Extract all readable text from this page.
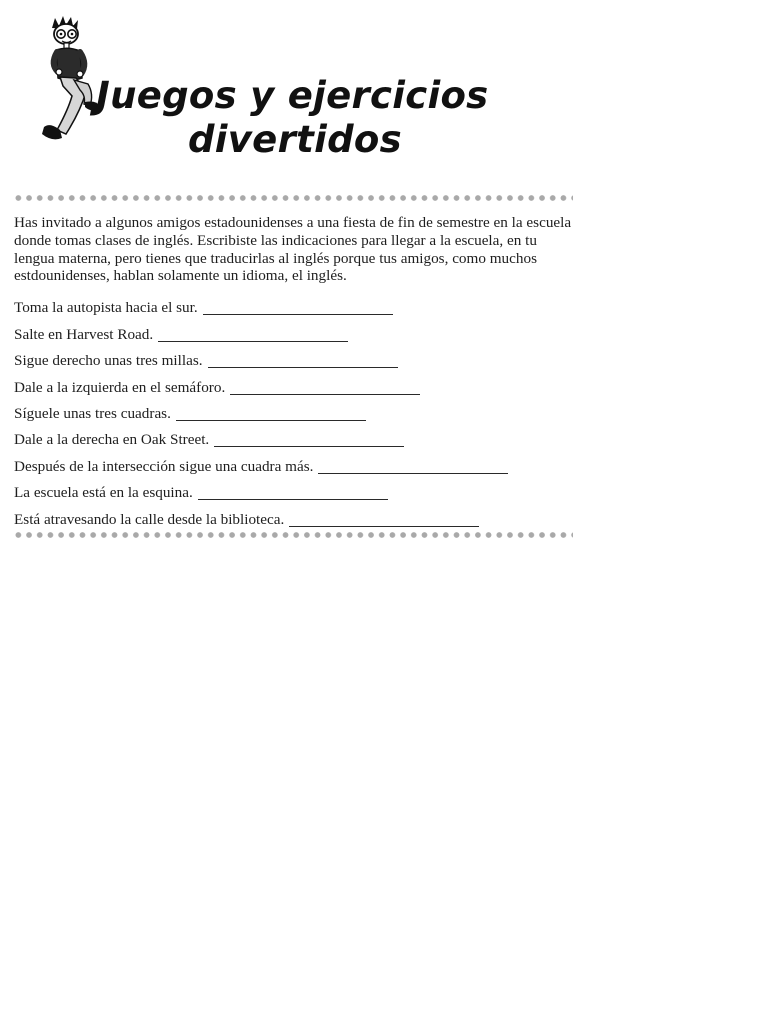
Juegos y ejercicios
divertidos

Has invitado a algunos amigos estadounidenses a una fiesta de fin de semestre en la escuela donde tomas clases de inglés. Escribiste las indicaciones para llegar a la escuela, en tu lengua materna, pero tienes que traducirlas al inglés porque tus amigos, como muchos estdounidenses, hablan solamente un idioma, el inglés.

Toma la autopista hacia el sur.
Salte en Harvest Road.
Sigue derecho unas tres millas.
Dale a la izquierda en el semáforo.
Síguele unas tres cuadras.
Dale a la derecha en Oak Street.
Después de la intersección sigue una cuadra más.
La escuela está en la esquina.
Está atravesando la calle desde la biblioteca.
